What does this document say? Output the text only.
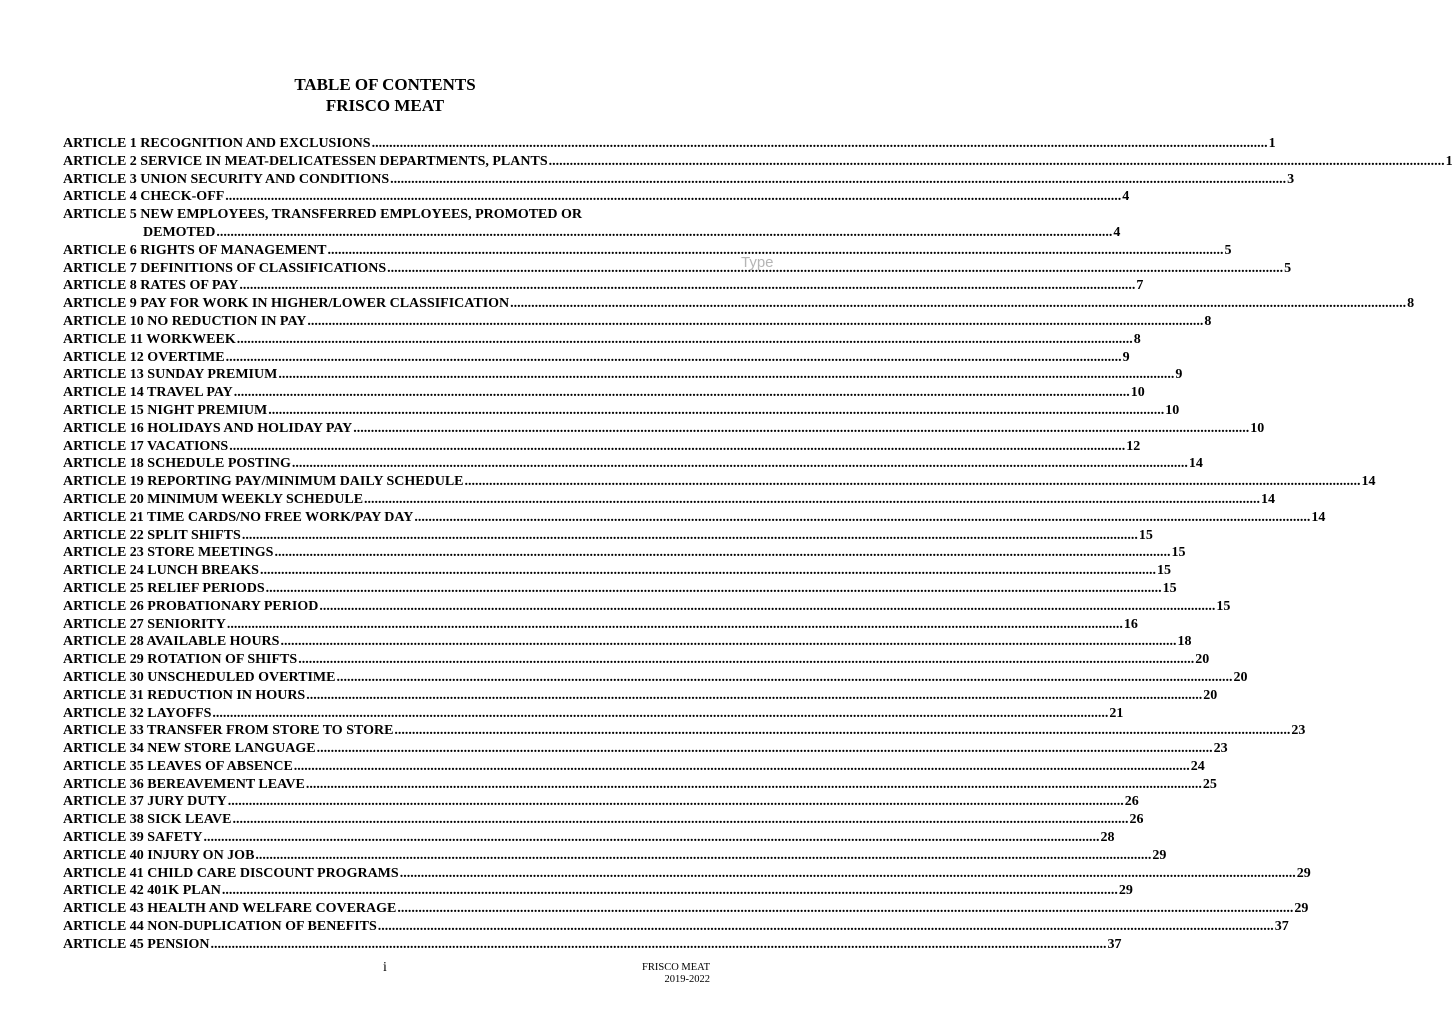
TABLE OF CONTENTS
FRISCO MEAT
ARTICLE 1 RECOGNITION AND EXCLUSIONS .....	1
ARTICLE 2 SERVICE IN MEAT-DELICATESSEN DEPARTMENTS, PLANTS .....	1
ARTICLE 3 UNION SECURITY AND CONDITIONS .....	3
ARTICLE 4 CHECK-OFF .....	4
ARTICLE 5 NEW EMPLOYEES, TRANSFERRED EMPLOYEES, PROMOTED OR
DEMOTED .....	4
ARTICLE 6 RIGHTS OF MANAGEMENT .....	5
ARTICLE 7 DEFINITIONS OF CLASSIFICATIONS .....	5
ARTICLE 8 RATES OF PAY .....	7
ARTICLE 9 PAY FOR WORK IN HIGHER/LOWER CLASSIFICATION .....	8
ARTICLE 10 NO REDUCTION IN PAY .....	8
ARTICLE 11 WORKWEEK .....	8
ARTICLE 12 OVERTIME .....	9
ARTICLE 13 SUNDAY PREMIUM .....	9
ARTICLE 14 TRAVEL PAY .....	10
ARTICLE 15 NIGHT PREMIUM .....	10
ARTICLE 16 HOLIDAYS AND HOLIDAY PAY .....	10
ARTICLE 17 VACATIONS .....	12
ARTICLE 18 SCHEDULE POSTING .....	14
ARTICLE 19 REPORTING PAY/MINIMUM DAILY SCHEDULE .....	14
ARTICLE 20 MINIMUM WEEKLY SCHEDULE .....	14
ARTICLE 21 TIME CARDS/NO FREE WORK/PAY DAY .....	14
ARTICLE 22 SPLIT SHIFTS .....	15
ARTICLE 23 STORE MEETINGS .....	15
ARTICLE 24 LUNCH BREAKS .....	15
ARTICLE 25 RELIEF PERIODS .....	15
ARTICLE 26 PROBATIONARY PERIOD .....	15
ARTICLE 27 SENIORITY .....	16
ARTICLE 28 AVAILABLE HOURS .....	18
ARTICLE 29 ROTATION OF SHIFTS .....	20
ARTICLE 30 UNSCHEDULED OVERTIME .....	20
ARTICLE 31 REDUCTION IN HOURS .....	20
ARTICLE 32 LAYOFFS .....	21
ARTICLE 33 TRANSFER FROM STORE TO STORE .....	23
ARTICLE 34 NEW STORE LANGUAGE .....	23
ARTICLE 35 LEAVES OF ABSENCE .....	24
ARTICLE 36 BEREAVEMENT LEAVE .....	25
ARTICLE 37 JURY DUTY .....	26
ARTICLE 38 SICK LEAVE .....	26
ARTICLE 39 SAFETY .....	28
ARTICLE 40 INJURY ON JOB .....	29
ARTICLE 41 CHILD CARE DISCOUNT PROGRAMS .....	29
ARTICLE 42 401K PLAN .....	29
ARTICLE 43 HEALTH AND WELFARE COVERAGE .....	29
ARTICLE 44 NON-DUPLICATION OF BENEFITS .....	37
ARTICLE 45 PENSION .....	37
Type
i	FRISCO MEAT
2019-2022
